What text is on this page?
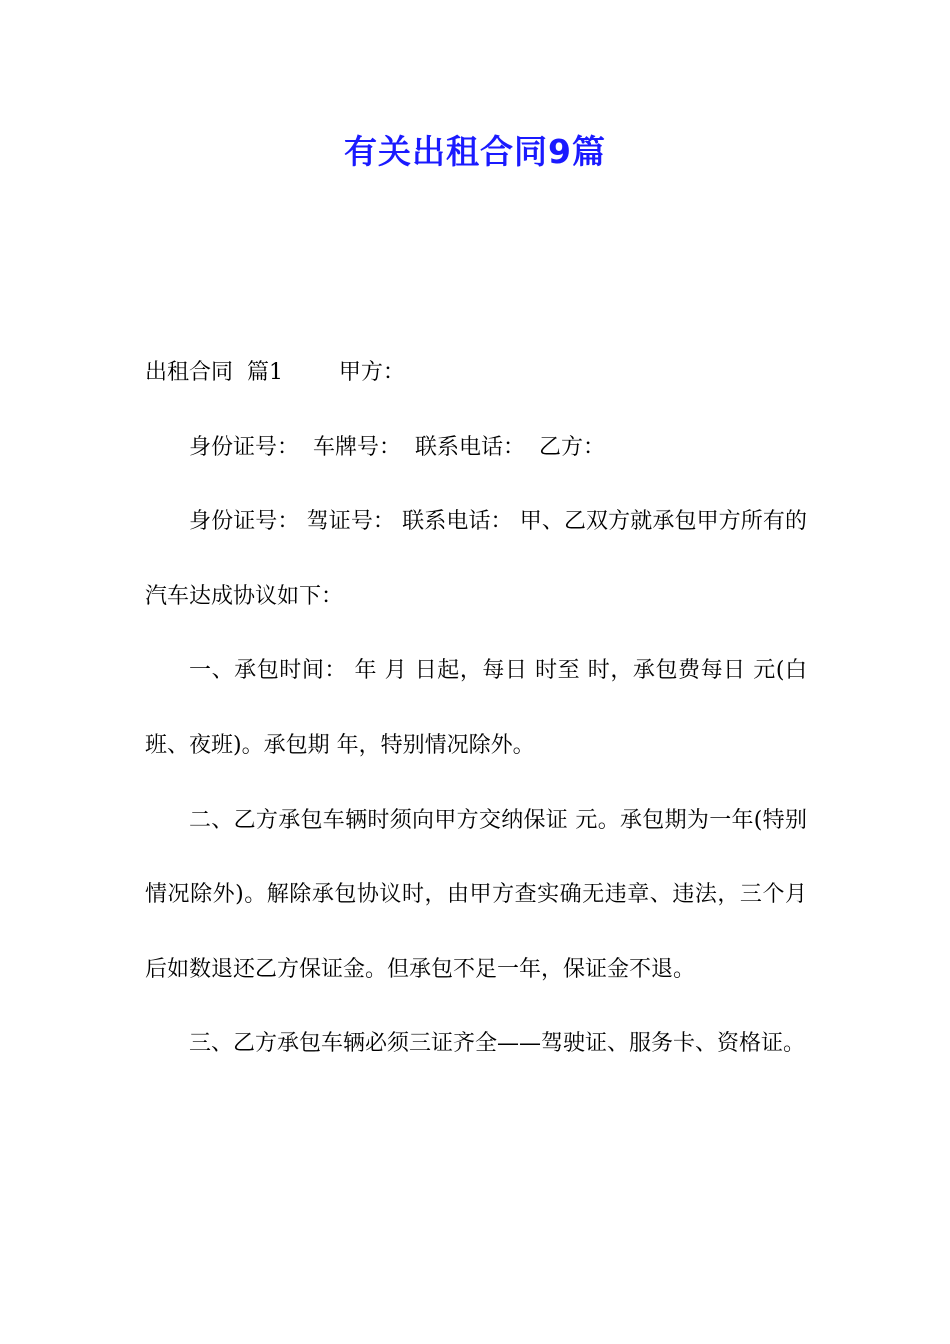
有关出租合同9篇

出租合同  篇1        甲方：

身份证号：  车牌号：  联系电话：  乙方：

身份证号： 驾证号： 联系电话： 甲、乙双方就承包甲方所有的 汽车达成协议如下：

一、承包时间： 年 月 日起，每日 时至 时，承包费每日 元(白班、夜班)。承包期 年，特别情况除外。

二、乙方承包车辆时须向甲方交纳保证 元。承包期为一年(特别情况除外)。解除承包协议时，由甲方查实确无违章、违法，三个月后如数退还乙方保证金。但承包不足一年，保证金不退。

三、乙方承包车辆必须三证齐全——驾驶证、服务卡、资格证。
